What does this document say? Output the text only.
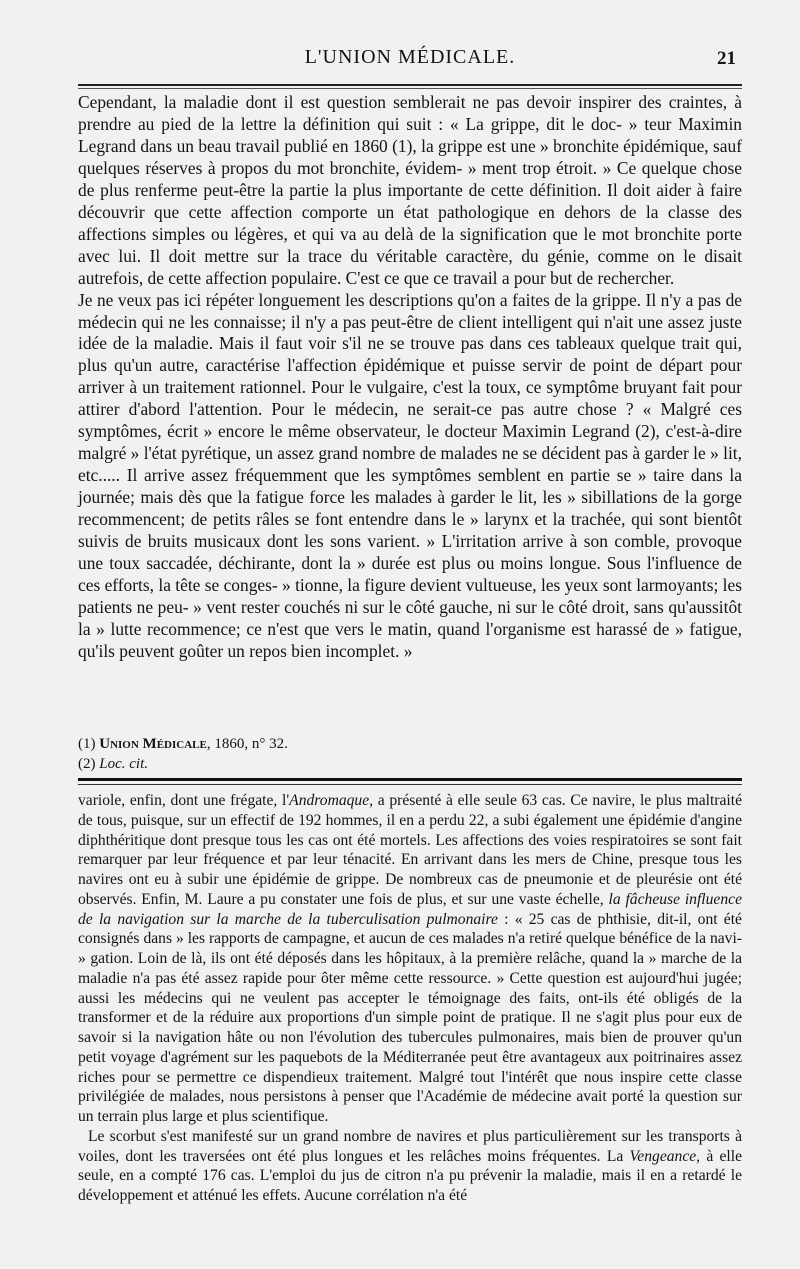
L'UNION MÉDICALE.	21

Cependant, la maladie dont il est question semblerait ne pas devoir inspirer des craintes, à prendre au pied de la lettre la définition qui suit : « La grippe, dit le doc- » teur Maximin Legrand dans un beau travail publié en 1860 (1), la grippe est une » bronchite épidémique, sauf quelques réserves à propos du mot bronchite, évidem- » ment trop étroit. » Ce quelque chose de plus renferme peut-être la partie la plus importante de cette définition. Il doit aider à faire découvrir que cette affection comporte un état pathologique en dehors de la classe des affections simples ou légères, et qui va au delà de la signification que le mot bronchite porte avec lui. Il doit mettre sur la trace du véritable caractère, du génie, comme on le disait autrefois, de cette affection populaire. C'est ce que ce travail a pour but de rechercher.

Je ne veux pas ici répéter longuement les descriptions qu'on a faites de la grippe. Il n'y a pas de médecin qui ne les connaisse; il n'y a pas peut-être de client intelligent qui n'ait une assez juste idée de la maladie. Mais il faut voir s'il ne se trouve pas dans ces tableaux quelque trait qui, plus qu'un autre, caractérise l'affection épidémique et puisse servir de point de départ pour arriver à un traitement rationnel. Pour le vulgaire, c'est la toux, ce symptôme bruyant fait pour attirer d'abord l'attention. Pour le médecin, ne serait-ce pas autre chose ? « Malgré ces symptômes, écrit » encore le même observateur, le docteur Maximin Legrand (2), c'est-à-dire malgré » l'état pyrétique, un assez grand nombre de malades ne se décident pas à garder le » lit, etc..... Il arrive assez fréquemment que les symptômes semblent en partie se » taire dans la journée; mais dès que la fatigue force les malades à garder le lit, les » sibillations de la gorge recommencent; de petits râles se font entendre dans le » larynx et la trachée, qui sont bientôt suivis de bruits musicaux dont les sons varient. » L'irritation arrive à son comble, provoque une toux saccadée, déchirante, dont la » durée est plus ou moins longue. Sous l'influence de ces efforts, la tête se conges- » tionne, la figure devient vultueuse, les yeux sont larmoyants; les patients ne peu- » vent rester couchés ni sur le côté gauche, ni sur le côté droit, sans qu'aussitôt la » lutte recommence; ce n'est que vers le matin, quand l'organisme est harassé de » fatigue, qu'ils peuvent goûter un repos bien incomplet. »

(1) Union Médicale, 1860, n° 32.

(2) Loc. cit.

variole, enfin, dont une frégate, l'Andromaque, a présenté à elle seule 63 cas. Ce navire, le plus maltraité de tous, puisque, sur un effectif de 192 hommes, il en a perdu 22, a subi également une épidémie d'angine diphthéritique dont presque tous les cas ont été mortels. Les affections des voies respiratoires se sont fait remarquer par leur fréquence et par leur ténacité. En arrivant dans les mers de Chine, presque tous les navires ont eu à subir une épidémie de grippe. De nombreux cas de pneumonie et de pleurésie ont été observés. Enfin, M. Laure a pu constater une fois de plus, et sur une vaste échelle, la fâcheuse influence de la navigation sur la marche de la tuberculisation pulmonaire : « 25 cas de phthisie, dit-il, ont été consignés dans » les rapports de campagne, et aucun de ces malades n'a retiré quelque bénéfice de la navi- » gation. Loin de là, ils ont été déposés dans les hôpitaux, à la première relâche, quand la » marche de la maladie n'a pas été assez rapide pour ôter même cette ressource. » Cette question est aujourd'hui jugée; aussi les médecins qui ne veulent pas accepter le témoignage des faits, ont-ils été obligés de la transformer et de la réduire aux proportions d'un simple point de pratique. Il ne s'agit plus pour eux de savoir si la navigation hâte ou non l'évolution des tubercules pulmonaires, mais bien de prouver qu'un petit voyage d'agrément sur les paquebots de la Méditerranée peut être avantageux aux poitrinaires assez riches pour se permettre ce dispendieux traitement. Malgré tout l'intérêt que nous inspire cette classe privilégiée de malades, nous persistons à penser que l'Académie de médecine avait porté la question sur un terrain plus large et plus scientifique.

Le scorbut s'est manifesté sur un grand nombre de navires et plus particulièrement sur les transports à voiles, dont les traversées ont été plus longues et les relâches moins fréquentes. La Vengeance, à elle seule, en a compté 176 cas. L'emploi du jus de citron n'a pu prévenir la maladie, mais il en a retardé le développement et atténué les effets. Aucune corrélation n'a été
